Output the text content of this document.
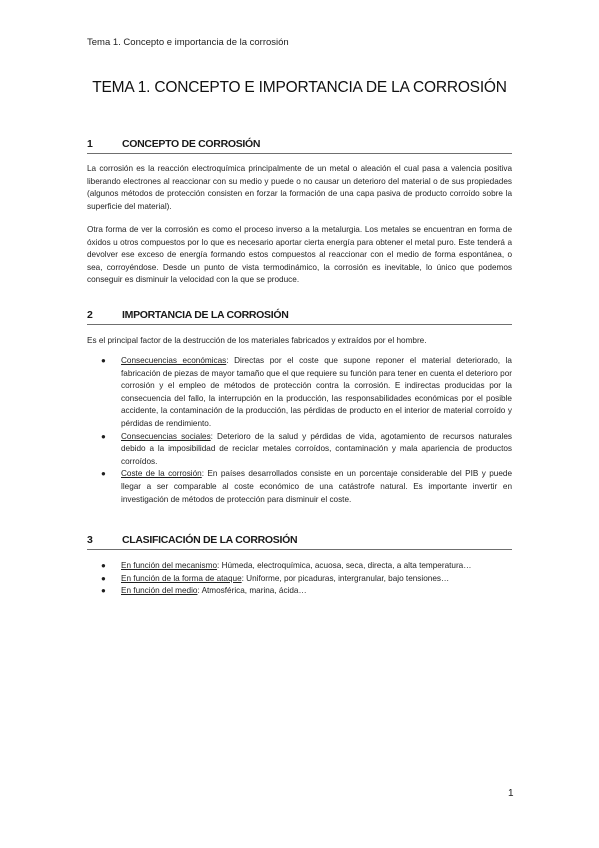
Tema 1. Concepto e importancia de la corrosión
TEMA 1. CONCEPTO E IMPORTANCIA DE LA CORROSIÓN
1	CONCEPTO DE CORROSIÓN

La corrosión es la reacción electroquímica principalmente de un metal o aleación el cual pasa a valencia positiva liberando electrones al reaccionar con su medio y puede o no causar un deterioro del material o de sus propiedades (algunos métodos de protección consisten en forzar la formación de una capa pasiva de producto corroído sobre la superficie del material).

Otra forma de ver la corrosión es como el proceso inverso a la metalurgia. Los metales se encuentran en forma de óxidos u otros compuestos por lo que es necesario aportar cierta energía para obtener el metal puro. Este tenderá a devolver ese exceso de energía formando estos compuestos al reaccionar con el medio de forma espontánea, o sea, corroyéndose. Desde un punto de vista termodinámico, la corrosión es inevitable, lo único que podemos conseguir es disminuir la velocidad con la que se produce.

2	IMPORTANCIA DE LA CORROSIÓN

Es el principal factor de la destrucción de los materiales fabricados y extraídos por el hombre.

● Consecuencias económicas: Directas por el coste que supone reponer el material deteriorado, la fabricación de piezas de mayor tamaño que el que requiere su función para tener en cuenta el deterioro por corrosión y el empleo de métodos de protección contra la corrosión. E indirectas producidas por la consecuencia del fallo, la interrupción en la producción, las responsabilidades económicas por el posible accidente, la contaminación de la producción, las pérdidas de producto en el interior de material corroído y pérdidas de rendimiento.
● Consecuencias sociales: Deterioro de la salud y pérdidas de vida, agotamiento de recursos naturales debido a la imposibilidad de reciclar metales corroídos, contaminación y mala apariencia de productos corroídos.
● Coste de la corrosión: En países desarrollados consiste en un porcentaje considerable del PIB y puede llegar a ser comparable al coste económico de una catástrofe natural. Es importante invertir en investigación de métodos de protección para disminuir el coste.
3	CLASIFICACIÓN DE LA CORROSIÓN
● En función del mecanismo: Húmeda, electroquímica, acuosa, seca, directa, a alta temperatura…
● En función de la forma de ataque: Uniforme, por picaduras, intergranular, bajo tensiones…
● En función del medio: Atmosférica, marina, ácida…
1
